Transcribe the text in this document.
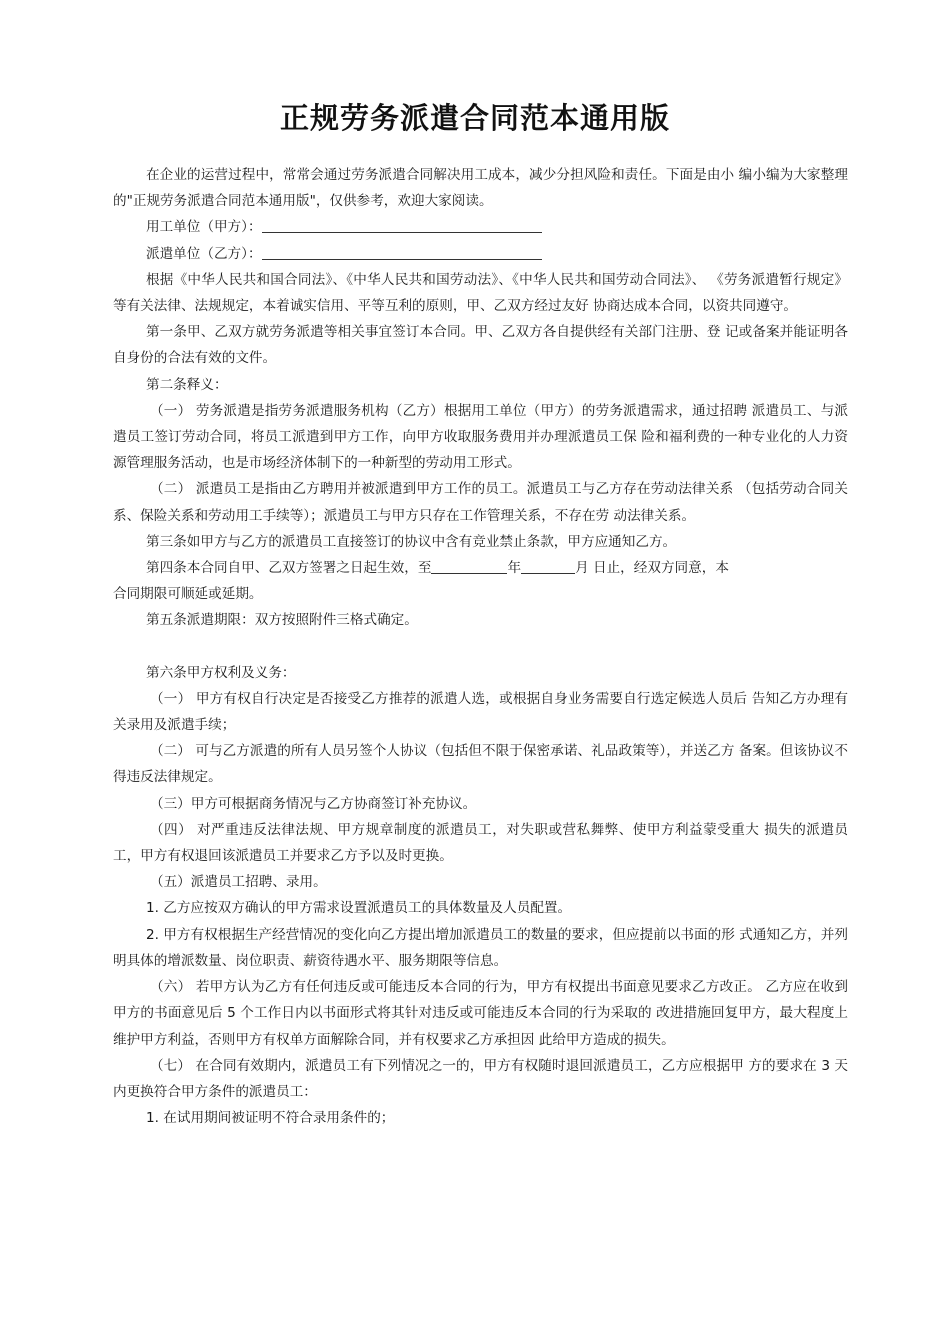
正规劳务派遣合同范本通用版

在企业的运营过程中，常常会通过劳务派遣合同解决用工成本，减少分担风险和责任。下面是由小 编小编为大家整理的"正规劳务派遣合同范本通用版"，仅供参考，欢迎大家阅读。

用工单位（甲方）：

派遣单位（乙方）：

根据《中华人民共和国合同法》、《中华人民共和国劳动法》、《中华人民共和国劳动合同法》、 《劳务派遣暂行规定》等有关法律、法规规定，本着诚实信用、平等互利的原则，甲、乙双方经过友好 协商达成本合同，以资共同遵守。

第一条甲、乙双方就劳务派遣等相关事宜签订本合同。甲、乙双方各自提供经有关部门注册、登 记或备案并能证明各自身份的合法有效的文件。

第二条释义：

（一） 劳务派遣是指劳务派遣服务机构（乙方）根据用工单位（甲方）的劳务派遣需求，通过招聘 派遣员工、与派遣员工签订劳动合同，将员工派遣到甲方工作，向甲方收取服务费用并办理派遣员工保 险和福利费的一种专业化的人力资源管理服务活动，也是市场经济体制下的一种新型的劳动用工形式。

（二） 派遣员工是指由乙方聘用并被派遣到甲方工作的员工。派遣员工与乙方存在劳动法律关系 （包括劳动合同关系、保险关系和劳动用工手续等）；派遣员工与甲方只存在工作管理关系，不存在劳 动法律关系。

第三条如甲方与乙方的派遣员工直接签订的协议中含有竞业禁止条款，甲方应通知乙方。

第四条本合同自甲、乙双方签署之日起生效，至	年	月 日止，经双方同意，本

合同期限可顺延或延期。

第五条派遣期限：双方按照附件三格式确定。

第六条甲方权利及义务：

（一） 甲方有权自行决定是否接受乙方推荐的派遣人选，或根据自身业务需要自行选定候选人员后 告知乙方办理有关录用及派遣手续；

（二） 可与乙方派遣的所有人员另签个人协议（包括但不限于保密承诺、礼品政策等），并送乙方 备案。但该协议不得违反法律规定。

（三）甲方可根据商务情况与乙方协商签订补充协议。

（四） 对严重违反法律法规、甲方规章制度的派遣员工，对失职或营私舞弊、使甲方利益蒙受重大 损失的派遣员工，甲方有权退回该派遣员工并要求乙方予以及时更换。

（五）派遣员工招聘、录用。

1. 乙方应按双方确认的甲方需求设置派遣员工的具体数量及人员配置。

2. 甲方有权根据生产经营情况的变化向乙方提出增加派遣员工的数量的要求，但应提前以书面的形 式通知乙方，并列明具体的增派数量、岗位职责、薪资待遇水平、服务期限等信息。

（六） 若甲方认为乙方有任何违反或可能违反本合同的行为，甲方有权提出书面意见要求乙方改正。 乙方应在收到甲方的书面意见后 5 个工作日内以书面形式将其针对违反或可能违反本合同的行为采取的 改进措施回复甲方，最大程度上维护甲方利益，否则甲方有权单方面解除合同，并有权要求乙方承担因 此给甲方造成的损失。

（七） 在合同有效期内，派遣员工有下列情况之一的，甲方有权随时退回派遣员工，乙方应根据甲 方的要求在 3 天内更换符合甲方条件的派遣员工：

1. 在试用期间被证明不符合录用条件的；
